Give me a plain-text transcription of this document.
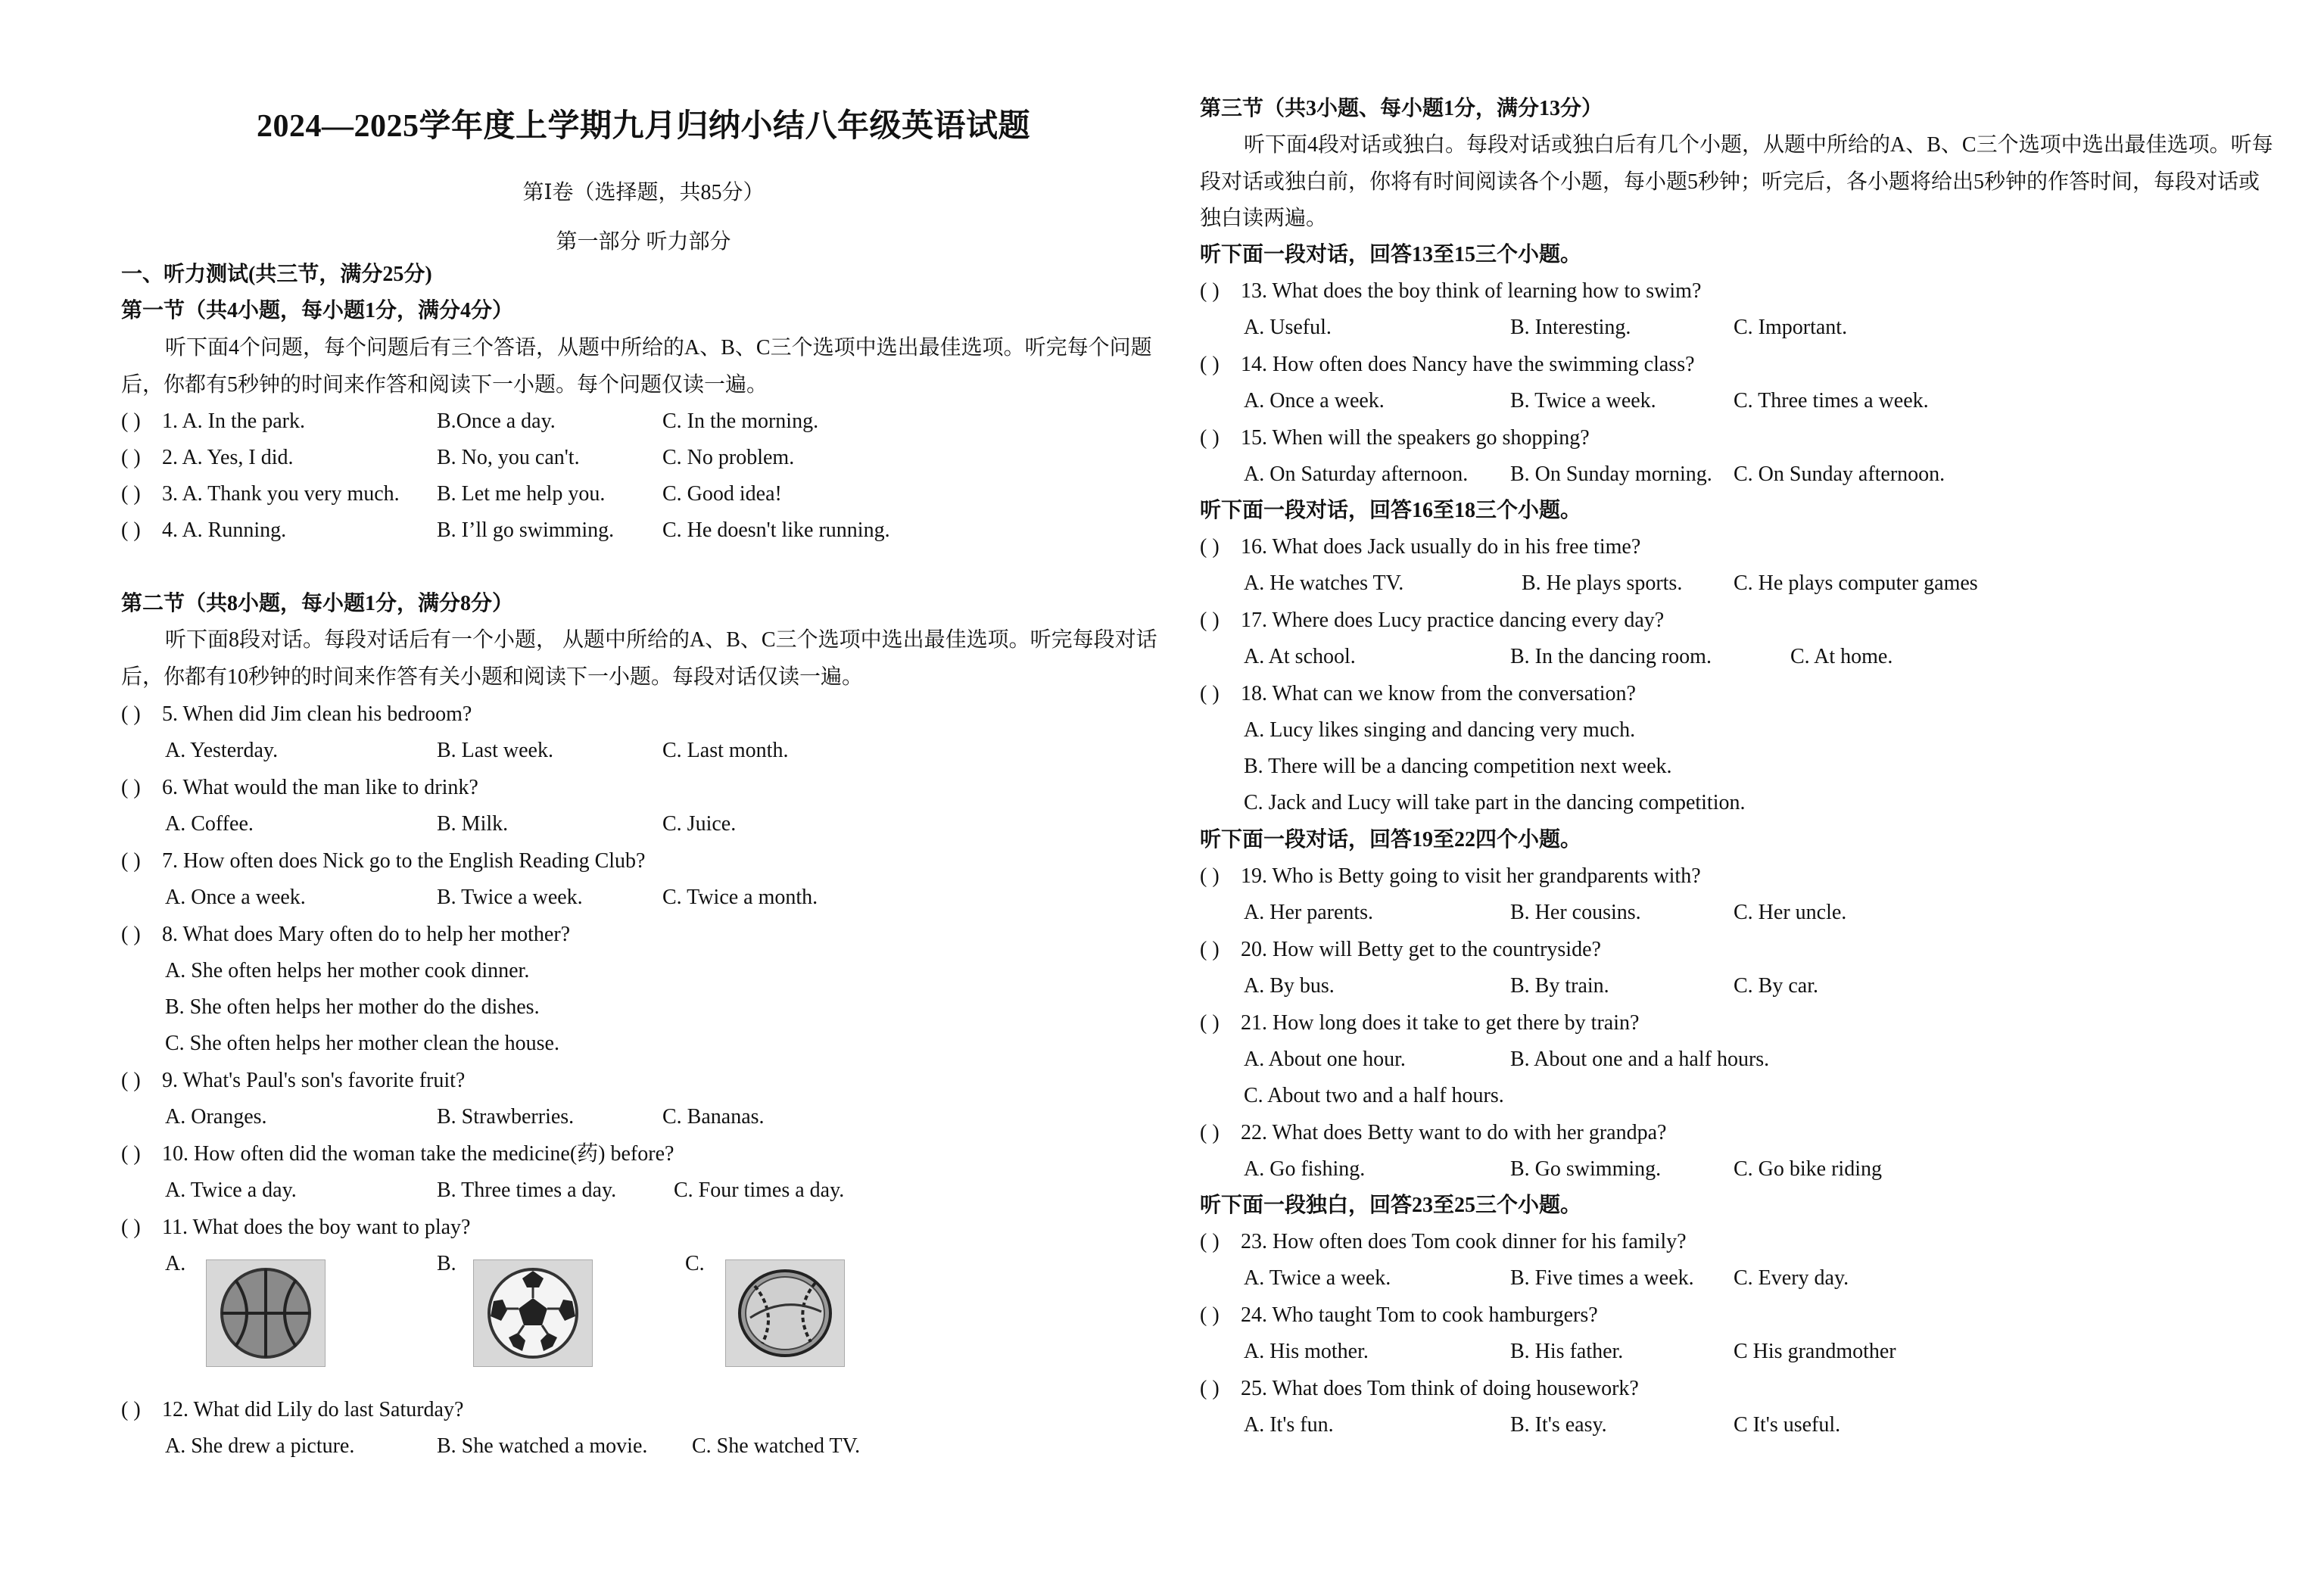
2024—2025学年度上学期九月归纳小结八年级英语试题
第Ⅰ卷（选择题，共85分）
第一部分 听力部分
一、听力测试(共三节，满分25分)
第一节（共4小题，每小题1分，满分4分）
听下面4个问题，每个问题后有三个答语，从题中所给的A、B、C三个选项中选出最佳选项。听完每个问题后，你都有5秒钟的时间来作答和阅读下一小题。每个问题仅读一遍。
( ) 1. A. In the park.	B.Once a day.	C. In the morning.
( ) 2. A. Yes, I did.	B. No, you can't.	C. No problem.
( ) 3. A. Thank you very much. B. Let me help you.	C. Good idea!
( ) 4. A. Running.	B. I’ll go swimming. C. He doesn't like running.
第二节（共8小题，每小题1分，满分8分）
听下面8段对话。每段对话后有一个小题， 从题中所给的A、B、C三个选项中选出最佳选项。听完每段对话后，你都有10秒钟的时间来作答有关小题和阅读下一小题。每段对话仅读一遍。
( ) 5. When did Jim clean his bedroom?
A. Yesterday.	B. Last week.	C. Last month.
( ) 6. What would the man like to drink?
A. Coffee.	B. Milk.	C. Juice.
( ) 7. How often does Nick go to the English Reading Club?
A. Once a week.	B. Twice a week.	C. Twice a month.
( ) 8. What does Mary often do to help her mother?
A. She often helps her mother cook dinner.
B. She often helps her mother do the dishes.
C. She often helps her mother clean the house.
( ) 9. What's Paul's son's favorite fruit?
A. Oranges.	B. Strawberries.	C. Bananas.
( ) 10. How often did the woman take the medicine(药) before?
A. Twice a day.	B. Three times a day.	C. Four times a day.
( ) 11. What does the boy want to play?
A.	B.	C.
( ) 12. What did Lily do last Saturday?
A. She drew a picture.	B. She watched a movie. C. She watched TV.
第三节（共3小题、每小题1分，满分13分）
听下面4段对话或独白。每段对话或独白后有几个小题，从题中所给的A、B、C三个选项中选出最佳选项。听每段对话或独白前，你将有时间阅读各个小题，每小题5秒钟；听完后，各小题将给出5秒钟的作答时间，每段对话或独白读两遍。
听下面一段对话，回答13至15三个小题。
( ) 13. What does the boy think of learning how to swim?
A. Useful.	B. Interesting.	C. Important.
( ) 14. How often does Nancy have the swimming class?
A. Once a week.	B. Twice a week.	C. Three times a week.
( ) 15. When will the speakers go shopping?
A. On Saturday afternoon. B. On Sunday morning. C. On Sunday afternoon.
听下面一段对话，回答16至18三个小题。
( ) 16. What does Jack usually do in his free time?
A. He watches TV.	B. He plays sports. C. He plays computer games
( ) 17. Where does Lucy practice dancing every day?
A. At school.	B. In the dancing room.	C. At home.
( ) 18. What can we know from the conversation?
A. Lucy likes singing and dancing very much.
B. There will be a dancing competition next week.
C. Jack and Lucy will take part in the dancing competition.
听下面一段对话，回答19至22四个小题。
( ) 19. Who is Betty going to visit her grandparents with?
A. Her parents.	B. Her cousins.	C. Her uncle.
( ) 20. How will Betty get to the countryside?
A. By bus.	B. By train.	C. By car.
( ) 21. How long does it take to get there by train?
A. About one hour.	B. About one and a half hours.
C. About two and a half hours.
( ) 22. What does Betty want to do with her grandpa?
A. Go fishing.	B. Go swimming.	C. Go bike riding
听下面一段独白，回答23至25三个小题。
( ) 23. How often does Tom cook dinner for his family?
A. Twice a week.	B. Five times a week. C. Every day.
( ) 24. Who taught Tom to cook hamburgers?
A. His mother.	B. His father.	C His grandmother
( ) 25. What does Tom think of doing housework?
A. It's fun.	B. It's easy.	C It's useful.
